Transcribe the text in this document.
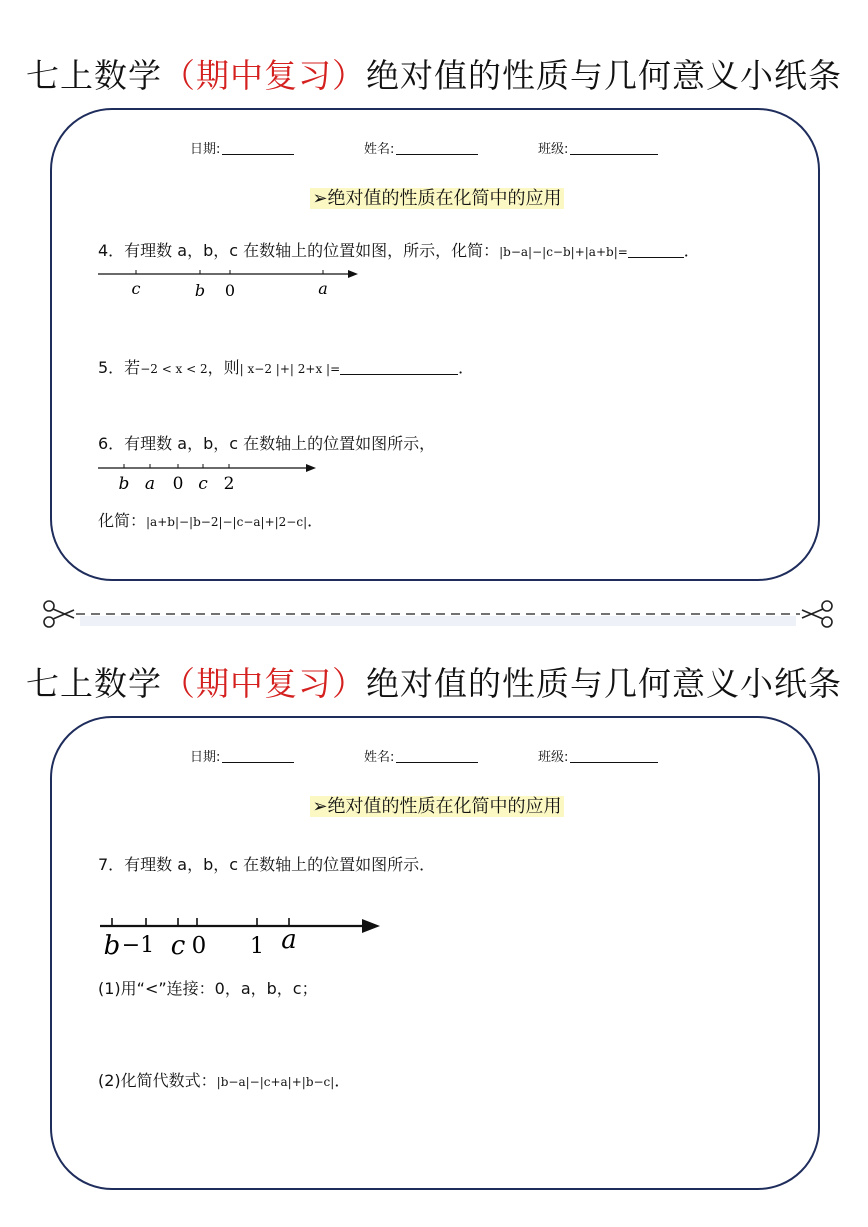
七上数学（期中复习）绝对值的性质与几何意义小纸条
日期:	姓名:	班级:
➢绝对值的性质在化简中的应用
4．有理数 a，b，c 在数轴上的位置如图，所示，化简：|b−a|−|c−b|+|a+b|=	．
c	b 0	a
5．若−2 < x < 2，则| x−2 |+| 2+x |=	．
6．有理数 a，b，c 在数轴上的位置如图所示，
b a 0 c 2
化简：|a+b|−|b−2|−|c−a|+|2−c|．
七上数学（期中复习）绝对值的性质与几何意义小纸条
日期:	姓名:	班级:
➢绝对值的性质在化简中的应用
7．有理数 a，b，c 在数轴上的位置如图所示．
b −1 c 0 1 a
(1)用“<”连接：0，a，b，c；
(2)化简代数式：|b−a|−|c+a|+|b−c|．
